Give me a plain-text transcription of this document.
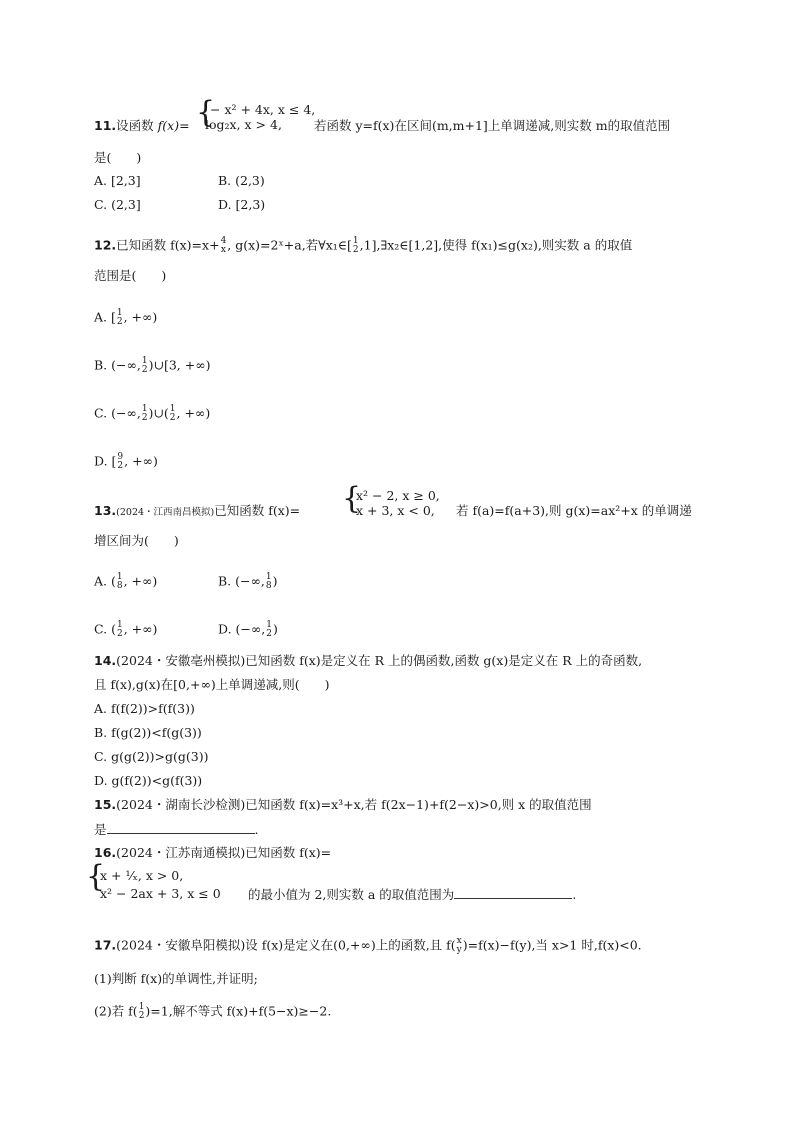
11.设函数 f(x)= {
− x² + 4x, x ≤ 4,
log₂x, x > 4,	若函数 y=f(x)在区间(m,m+1]上单调递减,则实数 m的取值范围
是(　　)
A. [2,3]	B. (2,3)
C. (2,3]	D. [2,3)
12.已知函数 f(x)=x+ 4
x , g(x)=2ˣ+a,若∀x₁∈[ 1
2 ,1],∃x₂∈[1,2],使得 f(x₁)≤g(x₂),则实数 a 的取值
范围是(　　)
A. [ 1
2 , +∞)
B. (−∞, 1
2 )∪[3, +∞)
C. (−∞, 1
2 )∪( 1
2 , +∞)
D. [ 9
2 , +∞)
13.(2024・江西南昌模拟)已知函数 f(x)= {
x² − 2, x ≥ 0,
x + 3, x < 0, 若 f(a)=f(a+3),则 g(x)=ax²+x 的单调递
增区间为(　　)
A. ( 1
8 , +∞)	B. (−∞, 1
8 )
C. ( 1
2 , +∞)	D. (−∞, 1
2 )
14.(2024・安徽亳州模拟)已知函数 f(x)是定义在 R 上的偶函数,函数 g(x)是定义在 R 上的奇函数,
且 f(x),g(x)在[0,+∞)上单调递减,则(　　)
A. f(f(2))>f(f(3))
B. f(g(2))<f(g(3))
C. g(g(2))>g(g(3))
D. g(f(2))<g(f(3))
15.(2024・湖南长沙检测)已知函数 f(x)=x³+x,若 f(2x−1)+f(2−x)>0,则 x 的取值范围
是	.
16.(2024・江苏南通模拟)已知函数 f(x)=
{
x + ¹⁄ₓ, x > 0,
x² − 2ax + 3, x ≤ 0 的最小值为 2,则实数 a 的取值范围为	.
17.(2024・安徽阜阳模拟)设 f(x)是定义在(0,+∞)上的函数,且 f( x
y )=f(x)−f(y),当 x>1 时,f(x)<0.
(1)判断 f(x)的单调性,并证明;
(2)若 f( 1
2 )=1,解不等式 f(x)+f(5−x)≥−2.
